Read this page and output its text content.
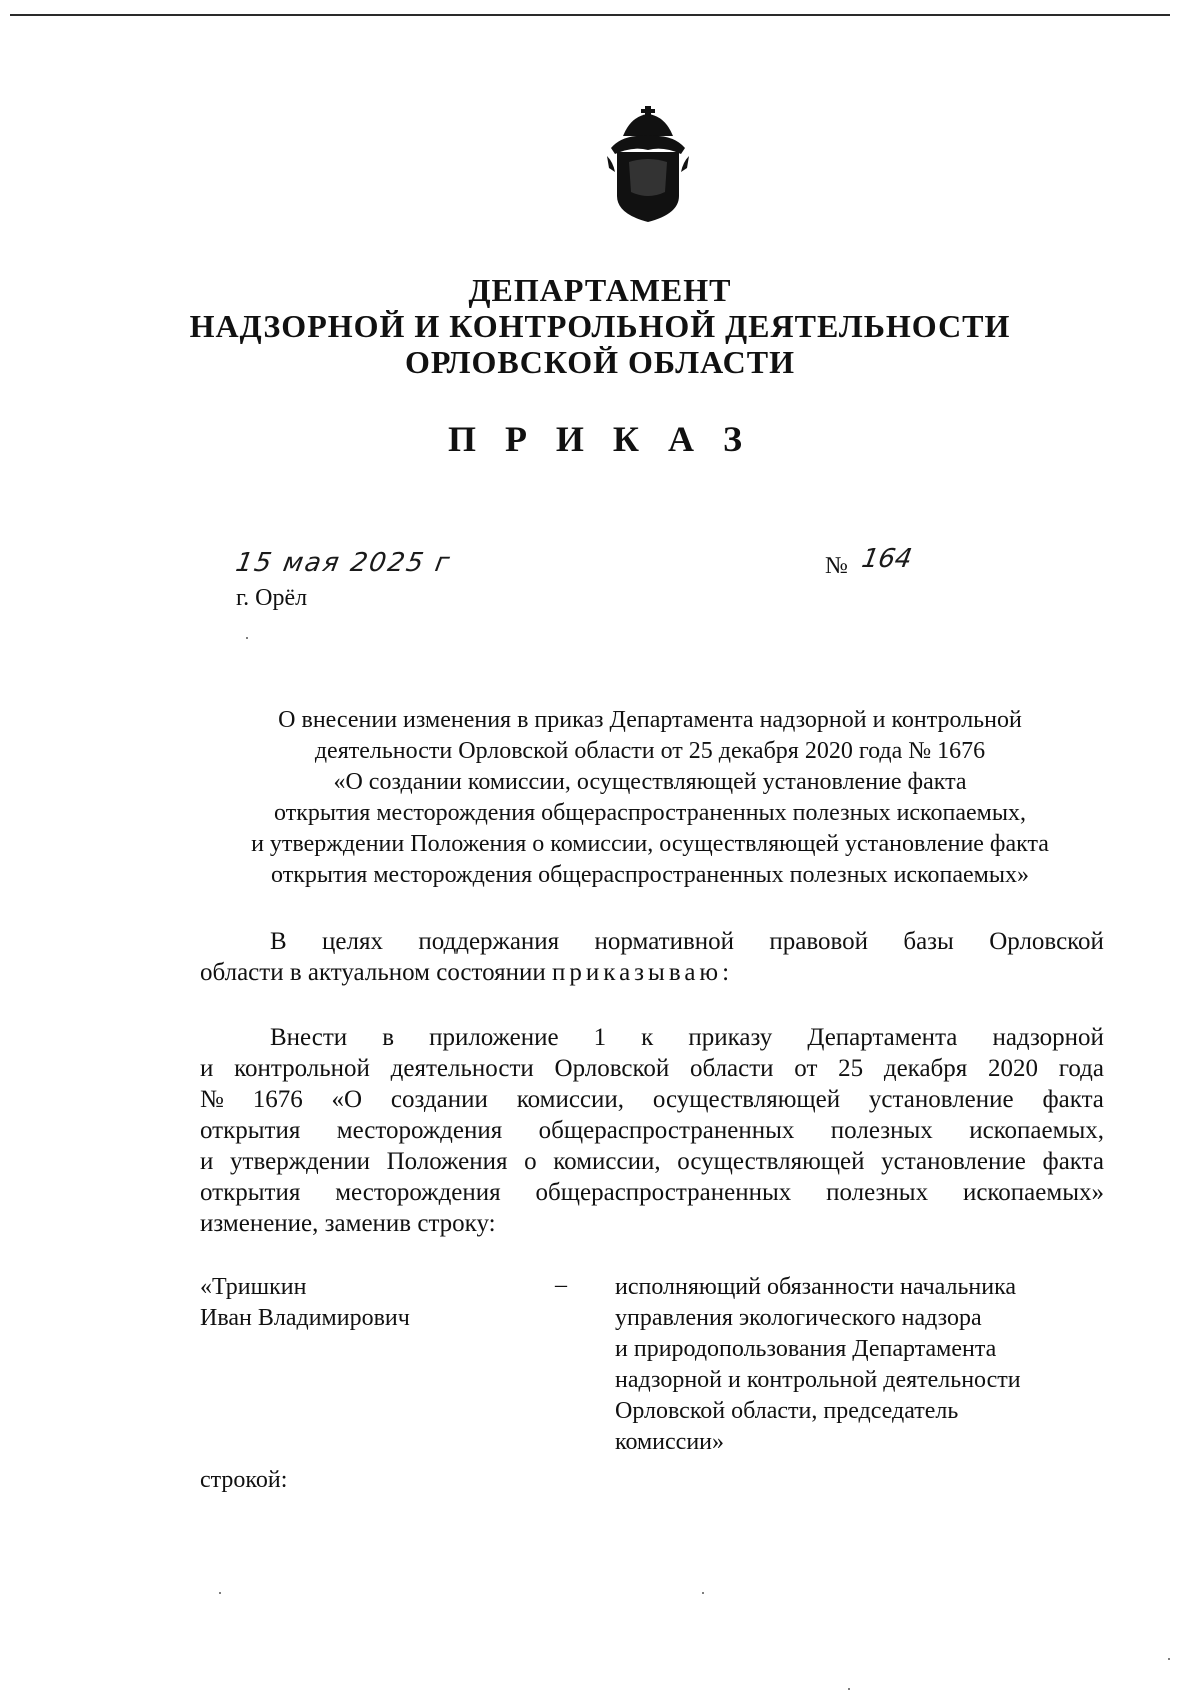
ДЕПАРТАМЕНТ
НАДЗОРНОЙ И КОНТРОЛЬНОЙ ДЕЯТЕЛЬНОСТИ
ОРЛОВСКОЙ ОБЛАСТИ
П Р И К А З
15 мая 2025 г	№ 164
г. Орёл
О внесении изменения в приказ Департамента надзорной и контрольной
деятельности Орловской области от 25 декабря 2020 года № 1676
«О создании комиссии, осуществляющей установление факта
открытия месторождения общераспространенных полезных ископаемых,
и утверждении Положения о комиссии, осуществляющей установление факта
открытия месторождения общераспространенных полезных ископаемых»
В целях поддержания нормативной правовой базы Орловской
области в актуальном состоянии приказываю:
Внести в приложение 1 к приказу Департамента надзорной
и контрольной деятельности Орловской области от 25 декабря 2020 года
№ 1676 «О создании комиссии, осуществляющей установление факта
открытия месторождения общераспространенных полезных ископаемых,
и утверждении Положения о комиссии, осуществляющей установление факта
открытия месторождения общераспространенных полезных ископаемых»
изменение, заменив строку:
«Тришкин
Иван Владимирович
– исполняющий обязанности начальника
управления экологического надзора
и природопользования Департамента
надзорной и контрольной деятельности
Орловской области, председатель
комиссии»
строкой:
